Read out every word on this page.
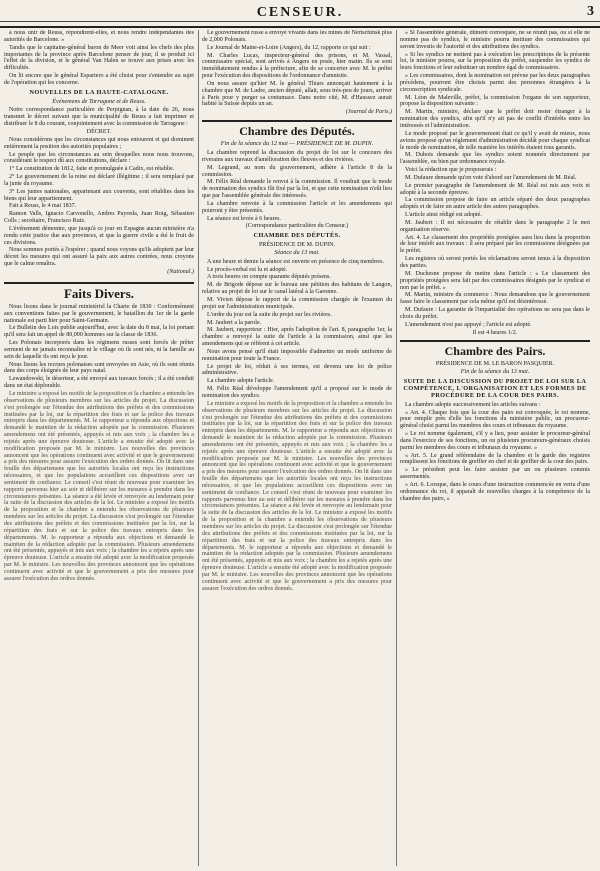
CENSEUR.	3

à nous unir de Reuss, répondirent-elles, et nous rendre indépendantes des autorités de Barcelone. »

Tandis que le capitaine-général baron de Meer voit ainsi les chefs des plus importantes de la province après Barcelone penser de jour, il se produit ici l'effet de la division, et le général Van Halen se trouve aux prises avec les difficultés.

On lit encore que le général Espartero a été choisi pour s'entendre au sujet de l'opération qui les concerne.

NOUVELLES DE LA HAUTE-CATALOGNE.
Événemens de Tarragone et de Reuss.

Notre correspondance particulière de Perpignan, à la date du 26, nous transmet le décret suivant que la municipalité de Reuss a fait imprimer et distribuer le 8 du courant, conjointement avec la commission de Tarragone :

DÉCRET.

Nous considérons que les circonstances qui nous entourent et qui dominent entièrement la position des autorités populaires ;

Le peuple que les circonstances au sein desquelles nous nous trouvons, considérant le respect dû aux constitutions, déclare :

1° La constitution de 1812, faite et promulguée à Cadix, est rétablie.

2° Le gouvernement de la reine est déclaré illégitime ; il sera remplacé par la junte du royaume.

3° Les juntes nationales, appartenant aux couvents, sont rétablies dans les biens qui leur appartiennent.

Fait à Reuss, le 4 mai 1837.

Ramon Valls, Ignacio Carvonello, Andres Payreda, Juan Roig, Sébastien Colls ; secrétaire, Francisco Ruiz.

L'événement démontre, que jusqu'à ce jour en Espagne aucun ministère n'a rendu cette justice due aux provinces, et que la guerre civile a été le fruit de ces divisions.

Nous sommes portés à l'espérer ; quand nous voyons qu'ils adoptent par leur décret les mesures qui ont assuré la paix aux autres contrées, nous croyons que le calme renaîtra.

(National.)
Faits Divers.

Nous lisons dans le journal ministériel la Charte de 1830 : Conformément aux conventions faites par le gouvernement, le bataillon du 1er de la garde nationale est parti hier pour Saint-Germain.

Le Bulletin des Lois publie aujourd'hui, avec la date du 8 mai, la loi portant qu'il sera fait un appel de 80,000 hommes sur la classe de 1836.

Les Polonais incorporés dans les régimens russes sont forcés de prêter serment de ne jamais reconnaître ni le village où ils sont nés, ni la famille au sein de laquelle ils ont reçu le jour.

Nous lisons les recrues polonaises sont envoyées en Asie, où ils sont réunis dans des corps éloignés de leur pays natal.

Lewandowski, le déserteur, a été envoyé aux travaux forcés ; il a été conduit dans un état déplorable.

Le ministre a exposé les motifs de la proposition et la chambre a entendu les observations de plusieurs membres sur les articles du projet. La discussion s'est prolongée sur l'étendue des attributions des préfets et des commissions instituées par la loi, sur la répartition des frais et sur la police des travaux entrepris dans les départements. M. le rapporteur a répondu aux objections et demandé le maintien de la rédaction adoptée par la commission. Plusieurs amendemens ont été présentés, appuyés et mis aux voix ; la chambre les a rejetés après une épreuve douteuse. L'article a ensuite été adopté avec la modification proposée par M. le ministre. Les nouvelles des provinces annoncent que les opérations continuent avec activité et que le gouvernement a pris des mesures pour assurer l'exécution des ordres donnés. On lit dans une feuille des départemens que les autorités locales ont reçu les instructions nécessaires, et que les populations accueillent ces dispositions avec un sentiment de confiance. Le conseil s'est réuni de nouveau pour examiner les rapports parvenus hier au soir et délibérer sur les mesures à prendre dans les circonstances présentes. La séance a été levée et renvoyée au lendemain pour la suite de la discussion des articles de la loi. Le ministre a exposé les motifs de la proposition et la chambre a entendu les observations de plusieurs membres sur les articles du projet. La discussion s'est prolongée sur l'étendue des attributions des préfets et des commissions instituées par la loi, sur la répartition des frais et sur la police des travaux entrepris dans les départements. M. le rapporteur a répondu aux objections et demandé le maintien de la rédaction adoptée par la commission. Plusieurs amendemens ont été présentés, appuyés et mis aux voix ; la chambre les a rejetés après une épreuve douteuse. L'article a ensuite été adopté avec la modification proposée par M. le ministre. Les nouvelles des provinces annoncent que les opérations continuent avec activité et que le gouvernement a pris des mesures pour assurer l'exécution des ordres donnés.

Le gouvernement russe a envoyé vivants dans les mines de Nertschinsk plus de 2,000 Polonais.

Le Journal de Maine-et-Loire (Angers), du 12, rapporte ce qui suit :

M. Charles Lucas, inspecteur-général des prisons, et M. Vassal, commissaire spécial, sont arrivés à Angers en poste, hier matin. Ils se sont immédiatement rendus à la préfecture, afin de se concerter avec M. le préfet pour l'exécution des dispositions de l'ordonnance d'amnistie.

On nous assure qu'hier M. le général Thiars annonçait hautement à la chambre que M. de Ludre, ancien député, allait, sous très-peu de jours, arriver à Paris pour y purger sa contumace. Dans notre cité, M. d'Haussez aurait habité la Suisse depuis un an.

(Journal de Paris.)
Chambre des Députés.
Fin de la séance du 12 mai — PRÉSIDENCE DE M. DUPIN.

La chambre reprend la discussion du projet de loi sur le concours des riverains aux travaux d'amélioration des fleuves et des rivières.

M. Legrand, au nom du gouvernement, adhère à l'article 8 de la commission.

M. Félix Réal demande le renvoi à la commission. Il voudrait que le mode de nomination des syndics fût fixé par la loi, et que cette nomination n'eût lieu que par l'assemblée générale des intéressés.

La chambre renvoie à la commission l'article et les amendemens qui pourront y être présentés.

La séance est levée à 6 heures.

(Correspondance particulière du Censeur.)
CHAMBRE DES DÉPUTÉS.
PRÉSIDENCE DE M. DUPIN.
Séance du 13 mai.

A une heure et demie la séance est ouverte en présence de cinq membres.

Le procès-verbal est lu et adopté.

A trois heures on compte quarante députés présens.

M. de Brigode dépose sur le bureau une pétition des habitans de Langon, relative au projet de loi sur le canal latéral à la Garonne.

M. Vivien dépose le rapport de la commission chargée de l'examen du projet sur l'administration municipale.

L'ordre du jour est la suite du projet sur les rivières.

M. Jaubert a la parole.

M. Jaubert, rapporteur : Hier, après l'adoption de l'art. 8, paragraphe 1er, la chambre a renvoyé la suite de l'article à la commission, ainsi que les amendemens qui se référent à cet article.

Nous avons pensé qu'il était impossible d'admettre un mode uniforme de nomination pour toute la France.

Le projet de loi, réduit à ses termes, est devenu une loi de police administrative.

La chambre adopte l'article.

M. Félix Réal développe l'amendement qu'il a proposé sur le mode de nomination des syndics.

Le ministre a exposé les motifs de la proposition et la chambre a entendu les observations de plusieurs membres sur les articles du projet. La discussion s'est prolongée sur l'étendue des attributions des préfets et des commissions instituées par la loi, sur la répartition des frais et sur la police des travaux entrepris dans les départements. M. le rapporteur a répondu aux objections et demandé le maintien de la rédaction adoptée par la commission. Plusieurs amendemens ont été présentés, appuyés et mis aux voix ; la chambre les a rejetés après une épreuve douteuse. L'article a ensuite été adopté avec la modification proposée par M. le ministre. Les nouvelles des provinces annoncent que les opérations continuent avec activité et que le gouvernement a pris des mesures pour assurer l'exécution des ordres donnés. On lit dans une feuille des départemens que les autorités locales ont reçu les instructions nécessaires, et que les populations accueillent ces dispositions avec un sentiment de confiance. Le conseil s'est réuni de nouveau pour examiner les rapports parvenus hier au soir et délibérer sur les mesures à prendre dans les circonstances présentes. La séance a été levée et renvoyée au lendemain pour la suite de la discussion des articles de la loi. Le ministre a exposé les motifs de la proposition et la chambre a entendu les observations de plusieurs membres sur les articles du projet. La discussion s'est prolongée sur l'étendue des attributions des préfets et des commissions instituées par la loi, sur la répartition des frais et sur la police des travaux entrepris dans les départements. M. le rapporteur a répondu aux objections et demandé le maintien de la rédaction adoptée par la commission. Plusieurs amendemens ont été présentés, appuyés et mis aux voix ; la chambre les a rejetés après une épreuve douteuse. L'article a ensuite été adopté avec la modification proposée par M. le ministre. Les nouvelles des provinces annoncent que les opérations continuent avec activité et que le gouvernement a pris des mesures pour assurer l'exécution des ordres donnés.

» Si l'assemblée générale, dûment convoquée, ne se réunit pas, ou si elle ne nomme pas de syndics, le ministre pourra instituer des commissaires qui seront investis de l'autorité et des attributions des syndics.

» Si les syndics ne mettent pas à exécution les prescriptions de la présente loi, le ministre pourra, sur la proposition du préfet, suspendre les syndics de leurs fonctions et leur substituer un nombre égal de commissaires.

» Les commissaires, dont la nomination est prévue par les deux paragraphes précédens, pourront être choisis parmi des personnes étrangères à la circonscription syndicale.

M. Léon de Maleville, préfet, la commission l'organe de son rapporteur, propose la disposition suivante :

M. Martin, ministre, déclare que le préfet doit rester étranger à la nomination des syndics, afin qu'il n'y ait pas de conflit d'intérêts entre les intéressés et l'administration.

Le mode proposé par le gouvernement était ce qu'il y avait de mieux, nous avions proposé qu'un règlement d'administration décidât pour chaque syndicat le mode de nomination, de telle manière les intérêts étaient tous garantis.

M. Dubois demande que les syndics soient nommés directement par l'assemblée, ou bien par ordonnance royale.

Voici la rédaction que je proposerais :

M. Dufaure demande qu'on vote d'abord sur l'amendement de M. Réal.

Le premier paragraphe de l'amendement de M. Réal est mis aux voix et adopté à la seconde épreuve.

La commission propose de faire un article séparé des deux paragraphes adoptés et de faire un autre article des autres paragraphes.

L'article ainsi rédigé est adopté.

M. Jaubert : Il est nécessaire de rétablir dans le paragraphe 2 le mot organisation réserve.

Art. 4. Le classement des propriétés protégées aura lieu dans la proportion de leur intérêt aux travaux : il sera préparé par les commissions désignées par le préfet.

Les registres où seront portés les réclamations seront tenus à la disposition des parties.

M. Duchesne propose de mettre dans l'article : « Le classement des propriétés protégées sera fait par des commissaires désignés par le syndicat et non par le préfet. »

M. Martin, ministre du commerce : Nous demandons que le gouvernement fasse faire le classement par cela même qu'il est désintéressé.

M. Dufaure : La garantie de l'impartialité des opérations ne sera pas dans le choix du préfet.

L'amendement n'est pas appuyé ; l'article est adopté.

Il est 4 heures 1/2.
Chambre des Pairs.
PRÉSIDENCE DE M. LE BARON PASQUIER.
Fin de la séance du 13 mai.
SUITE DE LA DISCUSSION DU PROJET DE LOI SUR LA COMPÉTENCE, L'ORGANISATION ET LES FORMES DE PROCÉDURE DE LA COUR DES PAIRS.

La chambre adopte successivement les articles suivans :

« Art. 4. Chaque fois que la cour des pairs est convoquée, le roi nomme, pour remplir près d'elle les fonctions du ministère public, un procureur-général choisi parmi les membres des cours et tribunaux du royaume.

» Le roi nomme également, s'il y a lieu, pour assister le procureur-général dans l'exercice de ses fonctions, un ou plusieurs procureurs-généraux choisis parmi les membres des cours et tribunaux du royaume. »

« Art. 5. Le grand référendaire de la chambre et le garde des registres remplissent les fonctions de greffier en chef et de greffier de la cour des pairs.

» Le président peut les faire assister par un ou plusieurs commis assermentés.

» Art. 6. Lorsque, dans le cours d'une instruction commencée en vertu d'une ordonnance du roi, il apparaît de nouvelles charges à la compétence de la chambre des pairs, »
